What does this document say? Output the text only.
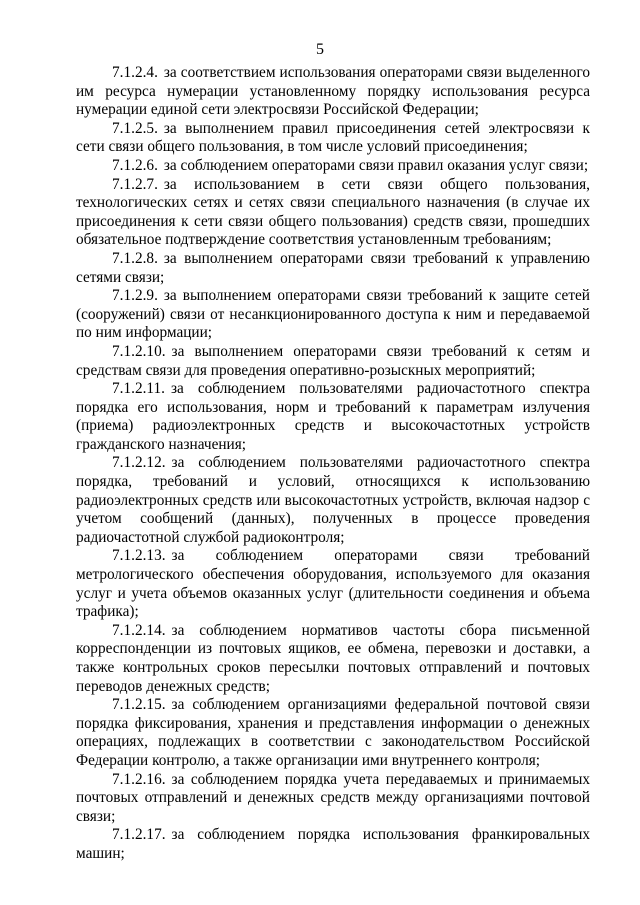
5

7.1.2.4. за соответствием использования операторами связи выделенного им ресурса нумерации установленному порядку использования ресурса нумерации единой сети электросвязи Российской Федерации;

7.1.2.5. за выполнением правил присоединения сетей электросвязи к сети связи общего пользования, в том числе условий присоединения;

7.1.2.6. за соблюдением операторами связи правил оказания услуг связи;

7.1.2.7. за использованием в сети связи общего пользования, технологических сетях и сетях связи специального назначения (в случае их присоединения к сети связи общего пользования) средств связи, прошедших обязательное подтверждение соответствия установленным требованиям;

7.1.2.8. за выполнением операторами связи требований к управлению сетями связи;

7.1.2.9. за выполнением операторами связи требований к защите сетей (сооружений) связи от несанкционированного доступа к ним и передаваемой по ним информации;

7.1.2.10. за выполнением операторами связи требований к сетям и средствам связи для проведения оперативно-розыскных мероприятий;

7.1.2.11. за соблюдением пользователями радиочастотного спектра порядка его использования, норм и требований к параметрам излучения (приема) радиоэлектронных средств и высокочастотных устройств гражданского назначения;

7.1.2.12. за соблюдением пользователями радиочастотного спектра порядка, требований и условий, относящихся к использованию радиоэлектронных средств или высокочастотных устройств, включая надзор с учетом сообщений (данных), полученных в процессе проведения радиочастотной службой радиоконтроля;

7.1.2.13. за соблюдением операторами связи требований метрологического обеспечения оборудования, используемого для оказания услуг и учета объемов оказанных услуг (длительности соединения и объема трафика);

7.1.2.14. за соблюдением нормативов частоты сбора письменной корреспонденции из почтовых ящиков, ее обмена, перевозки и доставки, а также контрольных сроков пересылки почтовых отправлений и почтовых переводов денежных средств;

7.1.2.15. за соблюдением организациями федеральной почтовой связи порядка фиксирования, хранения и представления информации о денежных операциях, подлежащих в соответствии с законодательством Российской Федерации контролю, а также организации ими внутреннего контроля;

7.1.2.16. за соблюдением порядка учета передаваемых и принимаемых почтовых отправлений и денежных средств между организациями почтовой связи;

7.1.2.17. за соблюдением порядка использования франкировальных машин;
